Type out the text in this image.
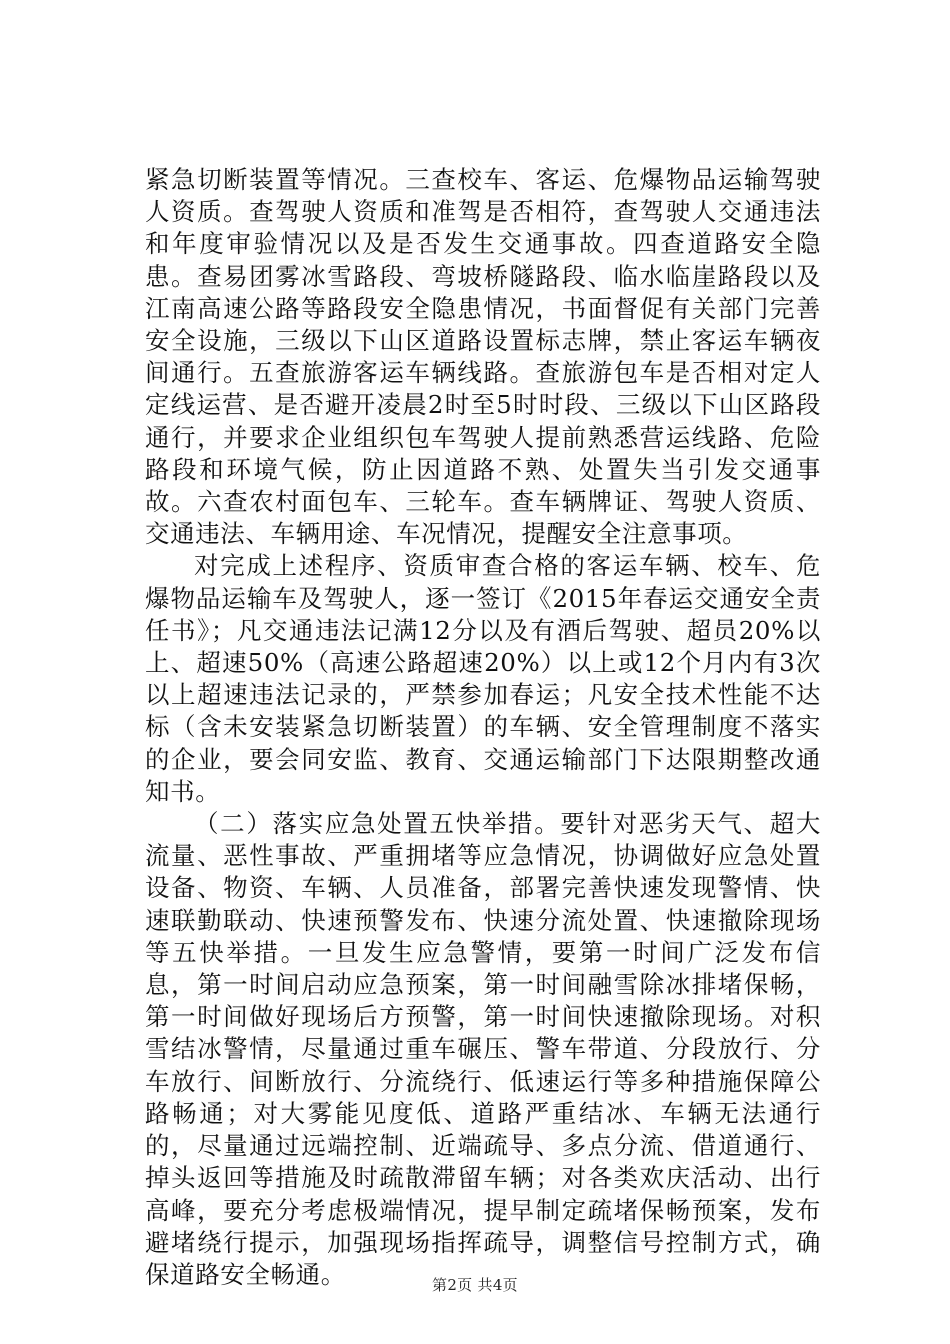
紧急切断装置等情况。三查校车、客运、危爆物品运输驾驶人资质。查驾驶人资质和准驾是否相符，查驾驶人交通违法和年度审验情况以及是否发生交通事故。四查道路安全隐患。查易团雾冰雪路段、弯坡桥隧路段、临水临崖路段以及江南高速公路等路段安全隐患情况，书面督促有关部门完善安全设施，三级以下山区道路设置标志牌，禁止客运车辆夜间通行。五查旅游客运车辆线路。查旅游包车是否相对定人定线运营、是否避开凌晨2时至5时时段、三级以下山区路段通行，并要求企业组织包车驾驶人提前熟悉营运线路、危险路段和环境气候，防止因道路不熟、处置失当引发交通事故。六查农村面包车、三轮车。查车辆牌证、驾驶人资质、交通违法、车辆用途、车况情况，提醒安全注意事项。

对完成上述程序、资质审查合格的客运车辆、校车、危爆物品运输车及驾驶人，逐一签订《2015年春运交通安全责任书》；凡交通违法记满12分以及有酒后驾驶、超员20%以上、超速50%（高速公路超速20%）以上或12个月内有3次以上超速违法记录的，严禁参加春运；凡安全技术性能不达标（含未安装紧急切断装置）的车辆、安全管理制度不落实的企业，要会同安监、教育、交通运输部门下达限期整改通知书。

（二）落实应急处置五快举措。要针对恶劣天气、超大流量、恶性事故、严重拥堵等应急情况，协调做好应急处置设备、物资、车辆、人员准备，部署完善快速发现警情、快速联勤联动、快速预警发布、快速分流处置、快速撤除现场等五快举措。一旦发生应急警情，要第一时间广泛发布信息，第一时间启动应急预案，第一时间融雪除冰排堵保畅，第一时间做好现场后方预警，第一时间快速撤除现场。对积雪结冰警情，尽量通过重车碾压、警车带道、分段放行、分车放行、间断放行、分流绕行、低速运行等多种措施保障公路畅通；对大雾能见度低、道路严重结冰、车辆无法通行的，尽量通过远端控制、近端疏导、多点分流、借道通行、掉头返回等措施及时疏散滞留车辆；对各类欢庆活动、出行高峰，要充分考虑极端情况，提早制定疏堵保畅预案，发布避堵绕行提示，加强现场指挥疏导，调整信号控制方式，确保道路安全畅通。	第2页 共4页
